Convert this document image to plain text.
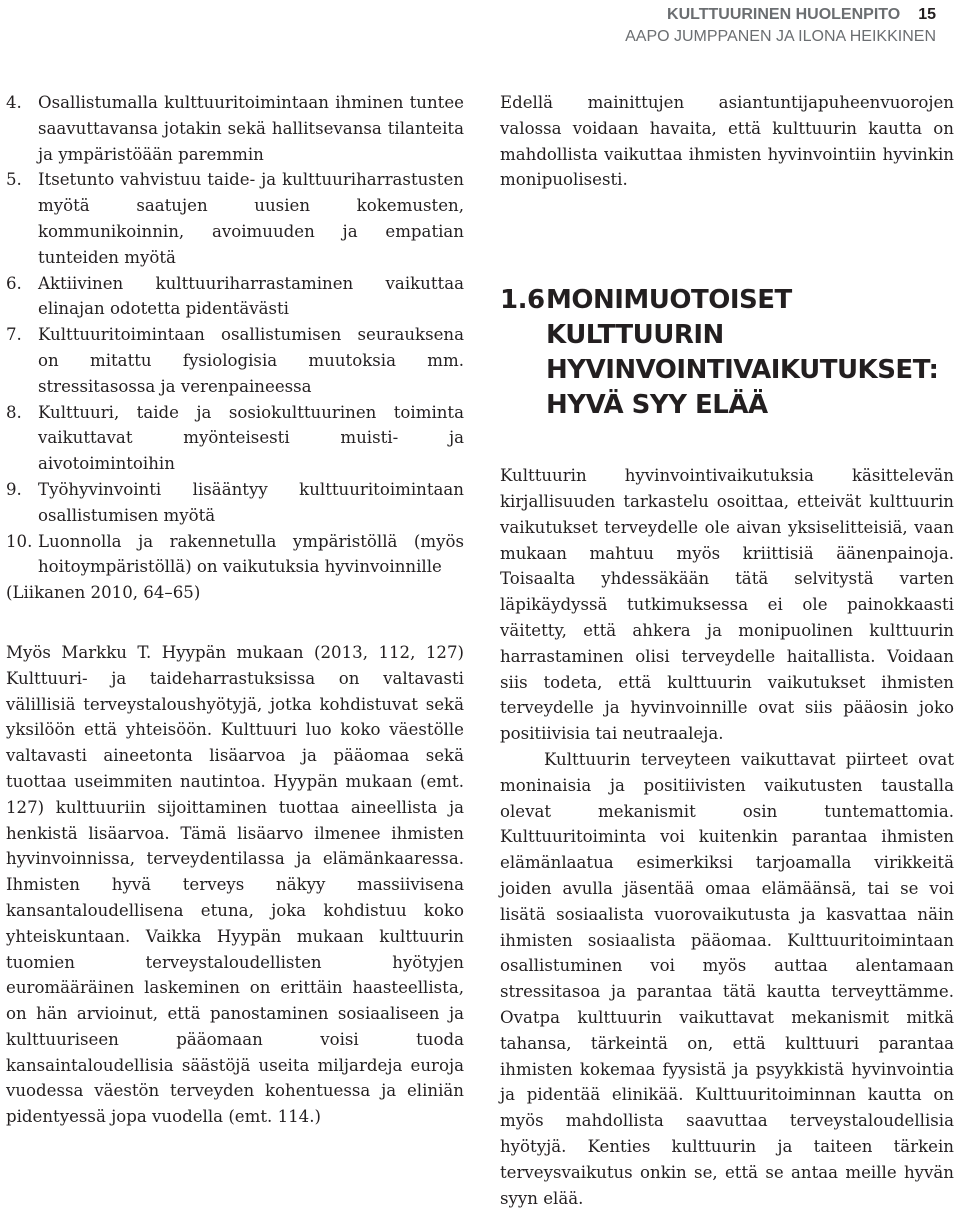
KULTTUURINEN HUOLENPITO 15
AAPO JUMPPANEN JA ILONA HEIKKINEN
4. Osallistumalla kulttuuritoimintaan ihminen tuntee saavuttavansa jotakin sekä hallitsevansa tilanteita ja ympäristöään paremmin
5. Itsetunto vahvistuu taide- ja kulttuuriharrastusten myötä saatujen uusien kokemusten, kommunikoinnin, avoimuuden ja empatian tunteiden myötä
6. Aktiivinen kulttuuriharrastaminen vaikuttaa elinajan odotetta pidentävästi
7. Kulttuuritoimintaan osallistumisen seurauksena on mitattu fysiologisia muutoksia mm. stressitasossa ja verenpaineessa
8. Kulttuuri, taide ja sosiokulttuurinen toiminta vaikuttavat myönteisesti muisti- ja aivotoimintoihin
9. Työhyvinvointi lisääntyy kulttuuritoimintaan osallistumisen myötä
10. Luonnolla ja rakennetulla ympäristöllä (myös hoitoympäristöllä) on vaikutuksia hyvinvoinnille

(Liikanen 2010, 64–65)

Myös Markku T. Hyypän mukaan (2013, 112, 127) Kulttuuri- ja taideharrastuksissa on valtavasti välillisiä terveystaloushyötyjä, jotka kohdistuvat sekä yksilöön että yhteisöön. Kulttuuri luo koko väestölle valtavasti aineetonta lisäarvoa ja pääomaa sekä tuottaa useimmiten nautintoa. Hyypän mukaan (emt. 127) kulttuuriin sijoittaminen tuottaa aineellista ja henkistä lisäarvoa. Tämä lisäarvo ilmenee ihmisten hyvinvoinnissa, terveydentilassa ja elämänkaaressa. Ihmisten hyvä terveys näkyy massiivisena kansantaloudellisena etuna, joka kohdistuu koko yhteiskuntaan. Vaikka Hyypän mukaan kulttuurin tuomien terveystaloudellisten hyötyjen euromääräinen laskeminen on erittäin haasteellista, on hän arvioinut, että panostaminen sosiaaliseen ja kulttuuriseen pääomaan voisi tuoda kansaintaloudellisia säästöjä useita miljardeja euroja vuodessa väestön terveyden kohentuessa ja eliniän pidentyessä jopa vuodella (emt. 114.)

Edellä mainittujen asiantuntijapuheenvuorojen valossa voidaan havaita, että kulttuurin kautta on mahdollista vaikuttaa ihmisten hyvinvointiin hyvinkin monipuolisesti.

1.6 MONIMUOTOISET KULTTUURIN
HYVINVOINTIVAIKUTUKSET:
HYVÄ SYY ELÄÄ

Kulttuurin hyvinvointivaikutuksia käsittelevän kirjallisuuden tarkastelu osoittaa, etteivät kulttuurin vaikutukset terveydelle ole aivan yksiselitteisiä, vaan mukaan mahtuu myös kriittisiä äänenpainoja. Toisaalta yhdessäkään tätä selvitystä varten läpikäydyssä tutkimuksessa ei ole painokkaasti väitetty, että ahkera ja monipuolinen kulttuurin harrastaminen olisi terveydelle haitallista. Voidaan siis todeta, että kulttuurin vaikutukset ihmisten terveydelle ja hyvinvoinnille ovat siis pääosin joko positiivisia tai neutraaleja.

Kulttuurin terveyteen vaikuttavat piirteet ovat moninaisia ja positiivisten vaikutusten taustalla olevat mekanismit osin tuntemattomia. Kulttuuritoiminta voi kuitenkin parantaa ihmisten elämänlaatua esimerkiksi tarjoamalla virikkeitä joiden avulla jäsentää omaa elämäänsä, tai se voi lisätä sosiaalista vuorovaikutusta ja kasvattaa näin ihmisten sosiaalista pääomaa. Kulttuuritoimintaan osallistuminen voi myös auttaa alentamaan stressitasoa ja parantaa tätä kautta terveyttämme. Ovatpa kulttuurin vaikuttavat mekanismit mitkä tahansa, tärkeintä on, että kulttuuri parantaa ihmisten kokemaa fyysistä ja psyykkistä hyvinvointia ja pidentää elinikää. Kulttuuritoiminnan kautta on myös mahdollista saavuttaa terveystaloudellisia hyötyjä. Kenties kulttuurin ja taiteen tärkein terveysvaikutus onkin se, että se antaa meille hyvän syyn elää.
